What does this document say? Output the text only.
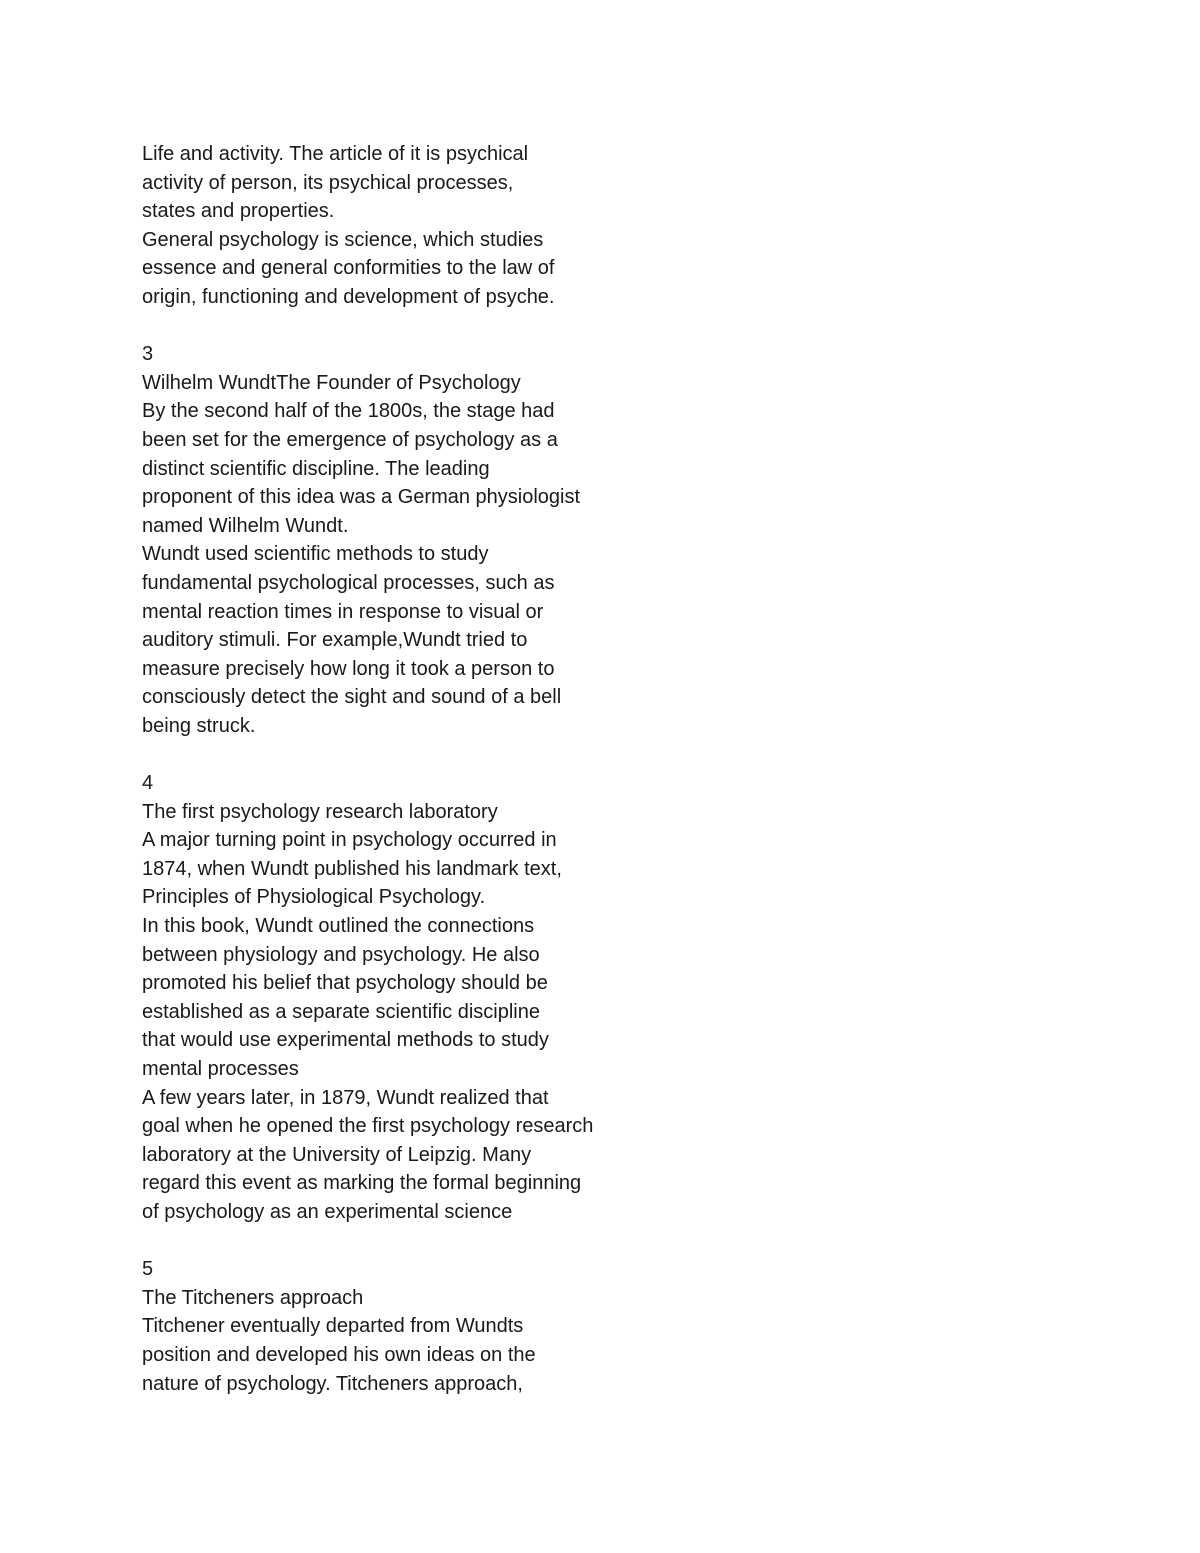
Life and activity. The article of it is psychical
activity of person, its psychical processes,
states and properties.
General psychology is science, which studies
essence and general conformities to the law of
origin, functioning and development of psyche.
3
Wilhelm WundtThe Founder of Psychology
By the second half of the 1800s, the stage had
been set for the emergence of psychology as a
distinct scientific discipline. The leading
proponent of this idea was a German physiologist
named Wilhelm Wundt.
Wundt used scientific methods to study
fundamental psychological processes, such as
mental reaction times in response to visual or
auditory stimuli. For example,Wundt tried to
measure precisely how long it took a person to
consciously detect the sight and sound of a bell
being struck.
4
The first psychology research laboratory
A major turning point in psychology occurred in
1874, when Wundt published his landmark text,
Principles of Physiological Psychology.
In this book, Wundt outlined the connections
between physiology and psychology. He also
promoted his belief that psychology should be
established as a separate scientific discipline
that would use experimental methods to study
mental processes
A few years later, in 1879, Wundt realized that
goal when he opened the first psychology research
laboratory at the University of Leipzig. Many
regard this event as marking the formal beginning
of psychology as an experimental science
5
The Titcheners approach
Titchener eventually departed from Wundts
position and developed his own ideas on the
nature of psychology. Titcheners approach,
